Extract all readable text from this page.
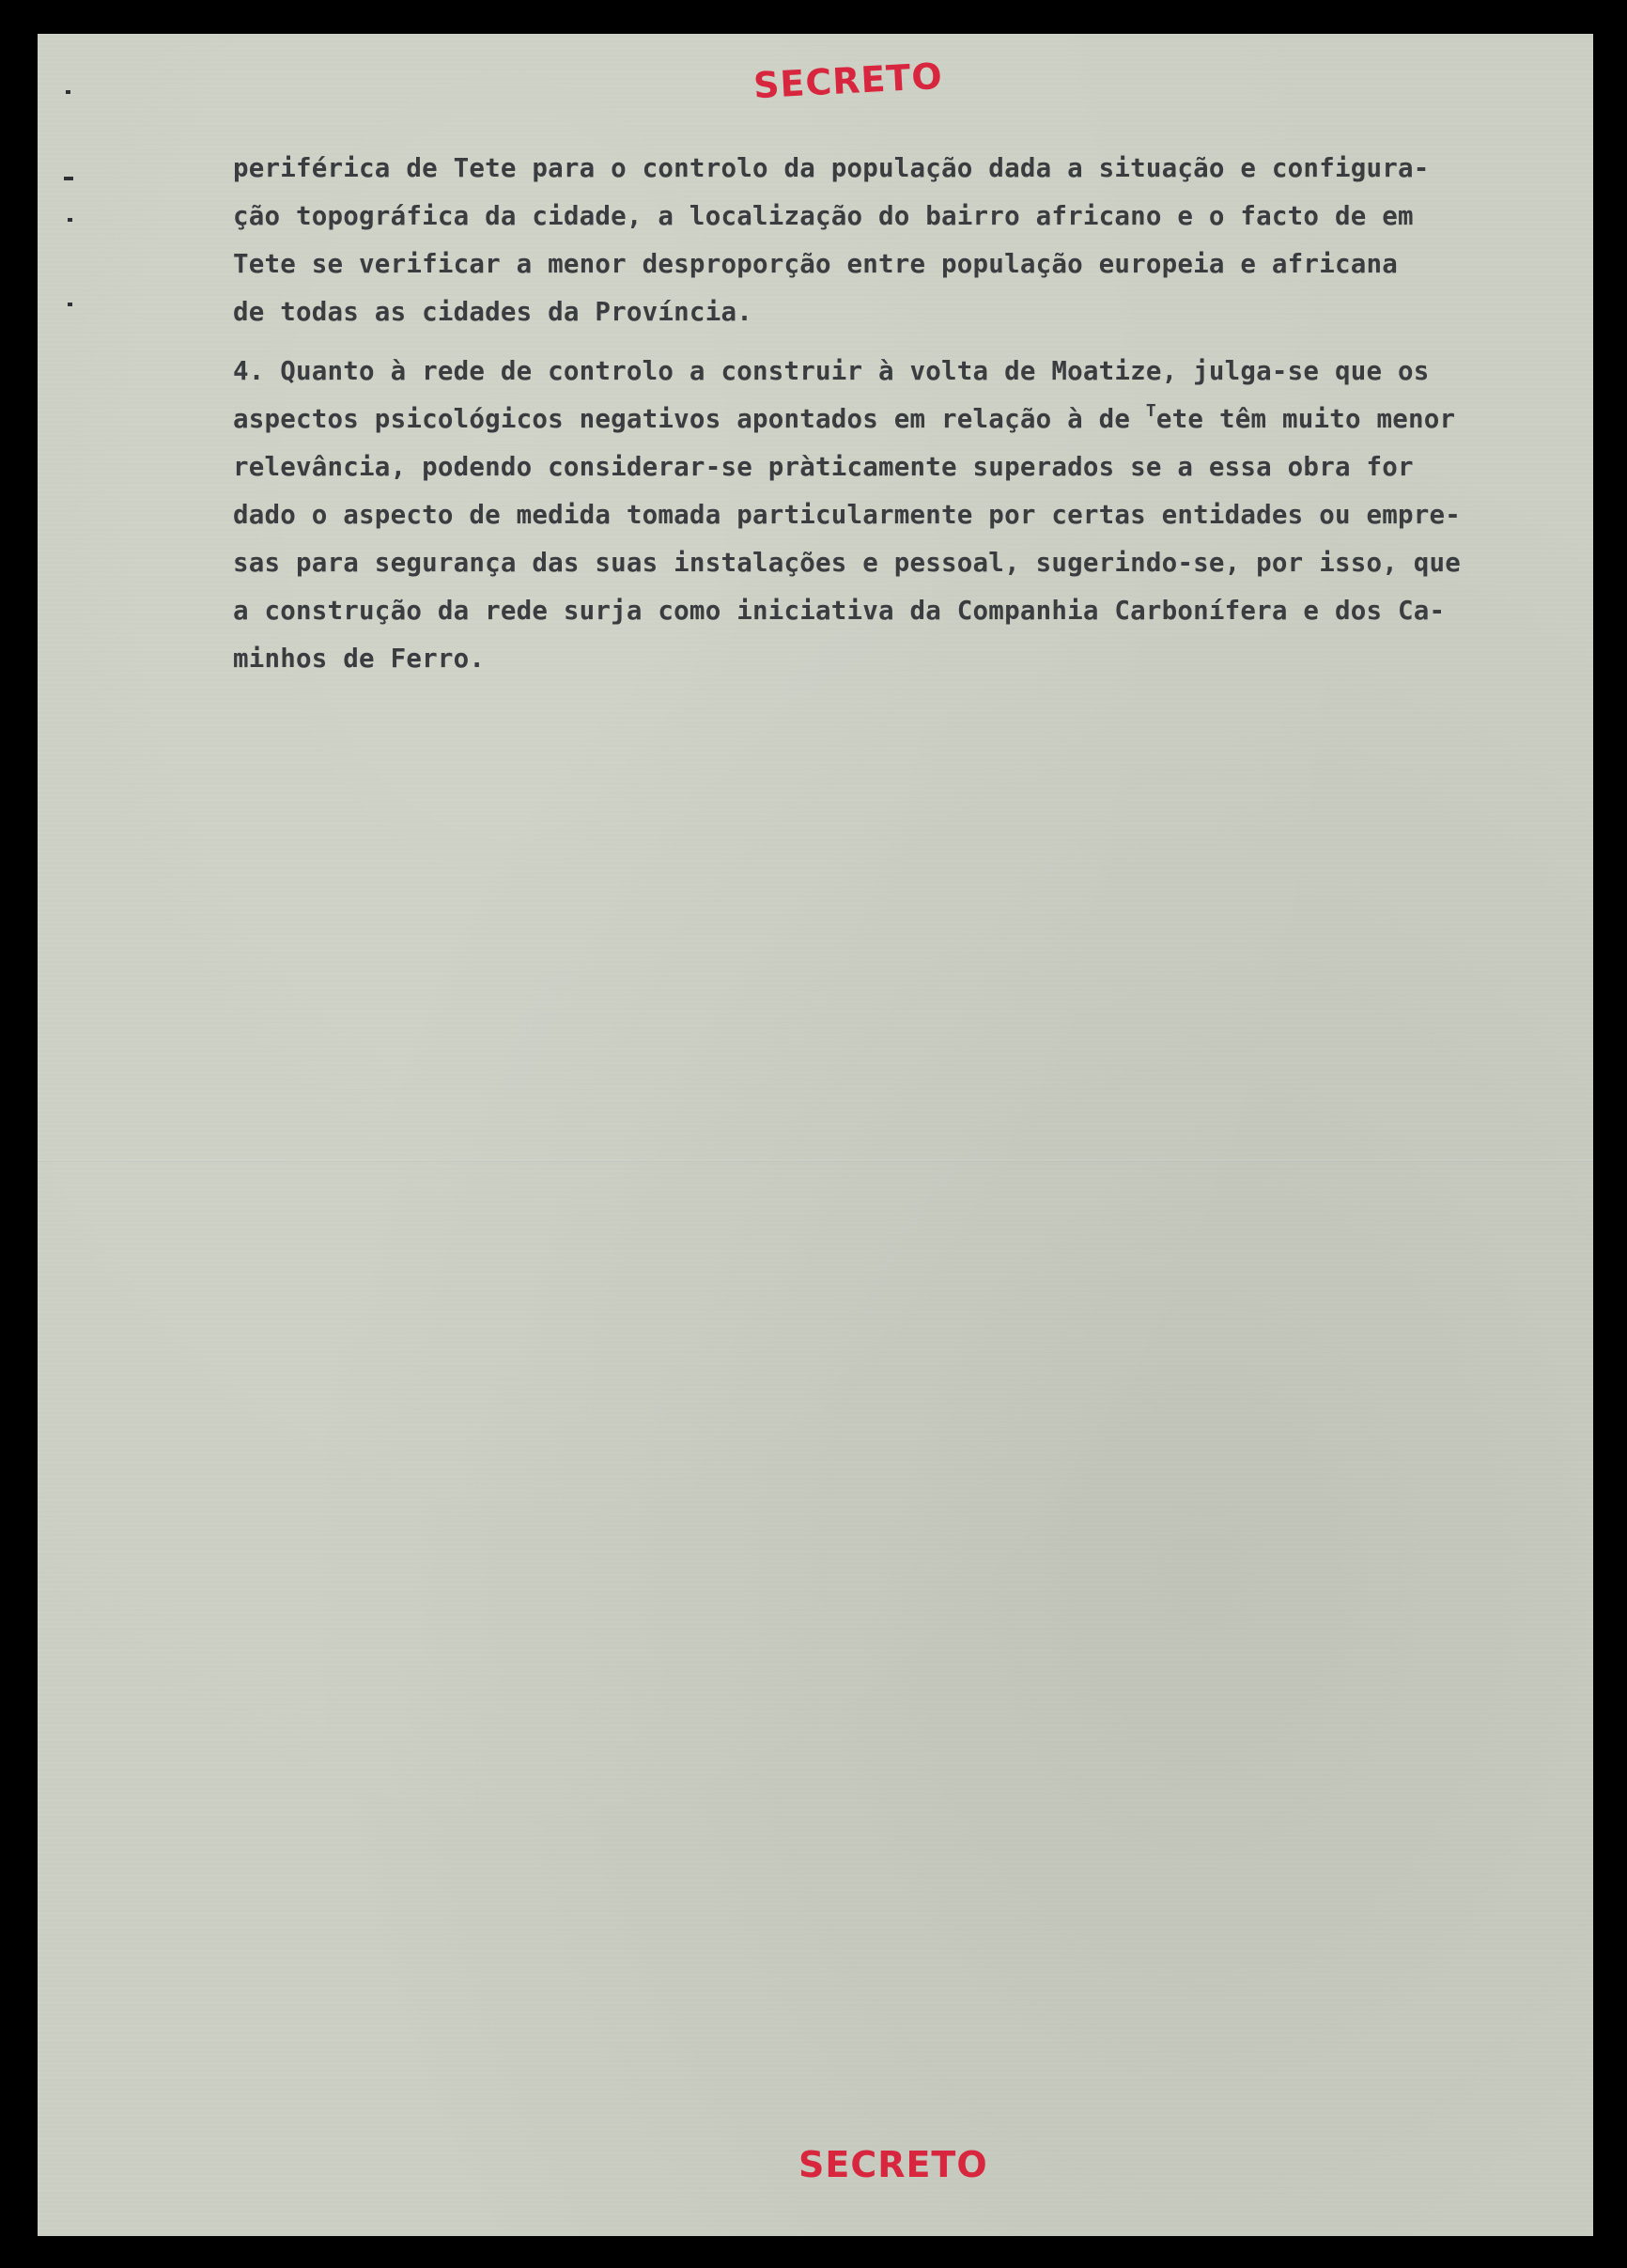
SECRETO
periférica de Tete para o controlo da população dada a situação e configura-
ção topográfica da cidade, a localização do bairro africano e o facto de em
Tete se verificar a menor desproporção entre população europeia e africana
de todas as cidades da Província.
4. Quanto à rede de controlo a construir à volta de Moatize, julga-se que os
aspectos psicológicos negativos apontados em relação à de $^T$ete têm muito menor
relevância, podendo considerar-se pràticamente superados se a essa obra for
dado o aspecto de medida tomada particularmente por certas entidades ou empre-
sas para segurança das suas instalações e pessoal, sugerindo-se, por isso, que
a construção da rede surja como iniciativa da Companhia Carbonífera e dos Ca-
minhos de Ferro.
SECRETO
